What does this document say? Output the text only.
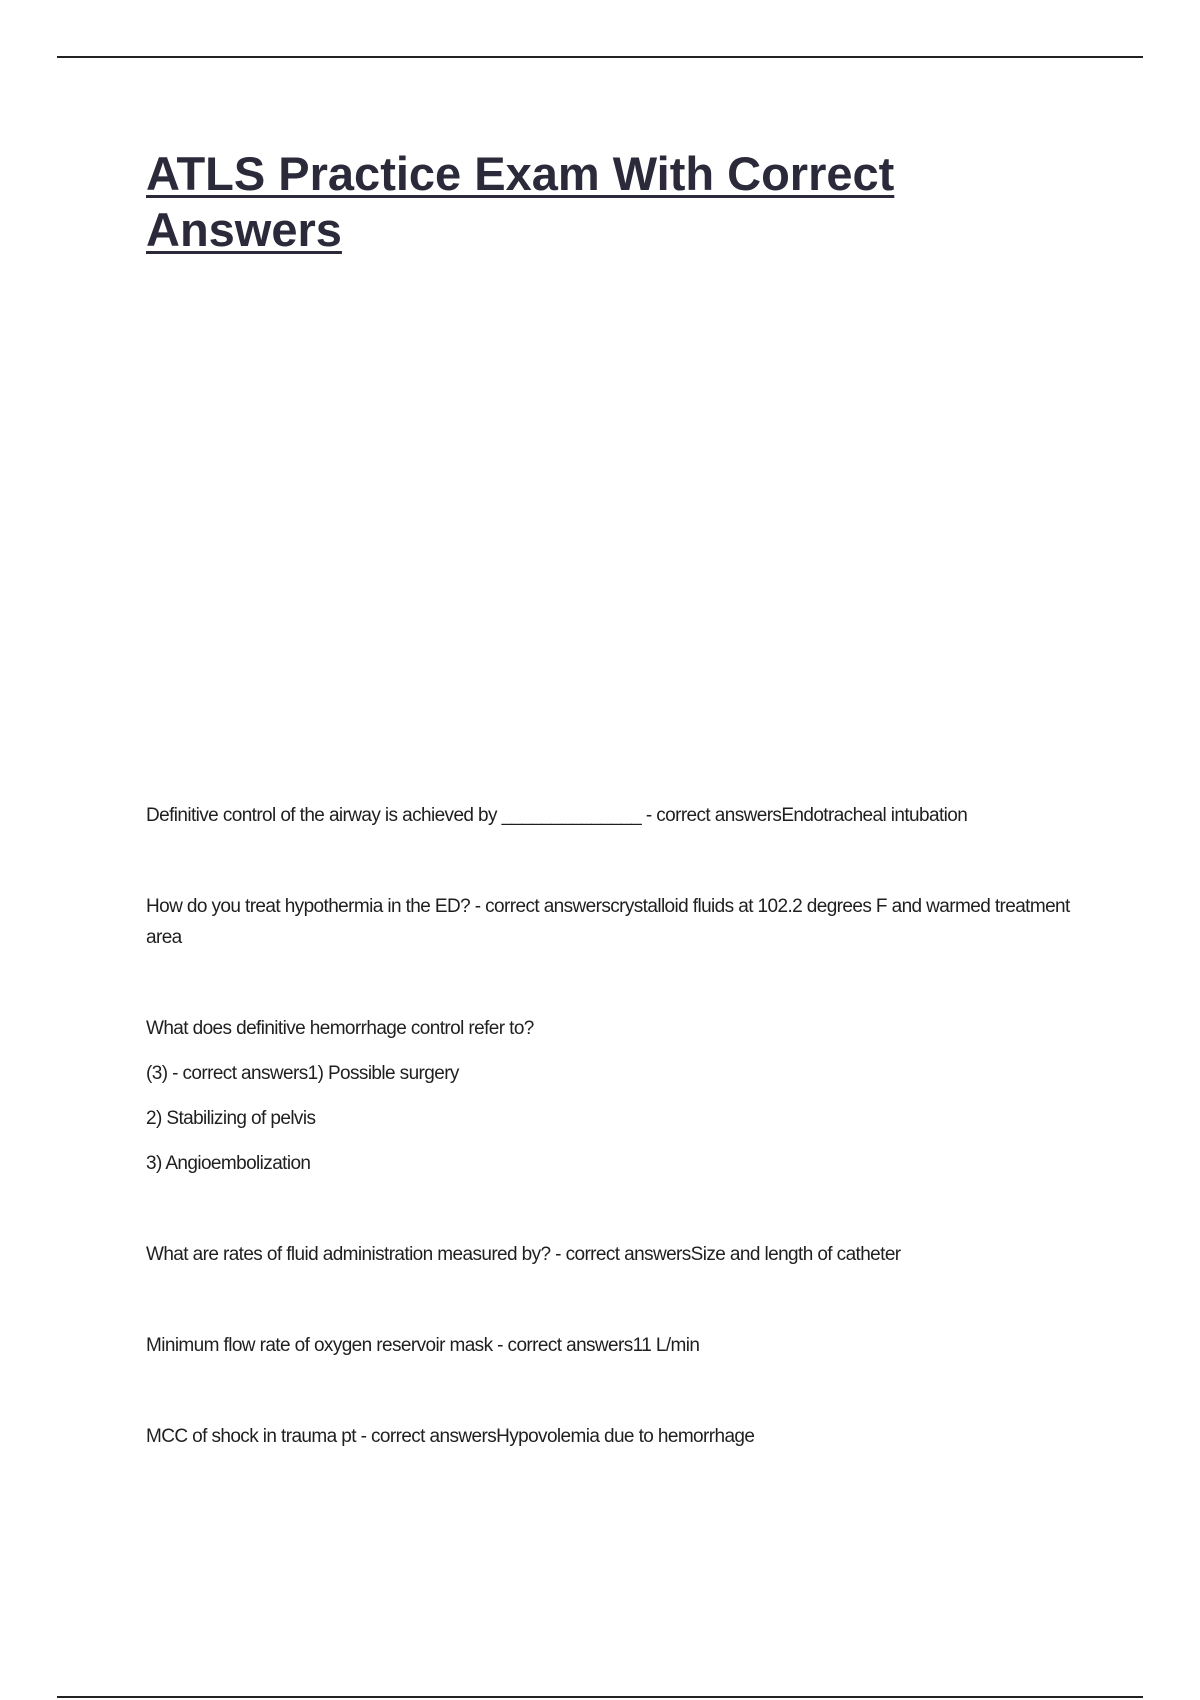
ATLS Practice Exam With Correct Answers

Definitive control of the airway is achieved by ______________ - correct answersEndotracheal intubation

How do you treat hypothermia in the ED? - correct answerscrystalloid fluids at 102.2 degrees F and warmed treatment area

What does definitive hemorrhage control refer to?

(3) - correct answers1) Possible surgery

2) Stabilizing of pelvis

3) Angioembolization

What are rates of fluid administration measured by? - correct answersSize and length of catheter

Minimum flow rate of oxygen reservoir mask - correct answers11 L/min

MCC of shock in trauma pt - correct answersHypovolemia due to hemorrhage
